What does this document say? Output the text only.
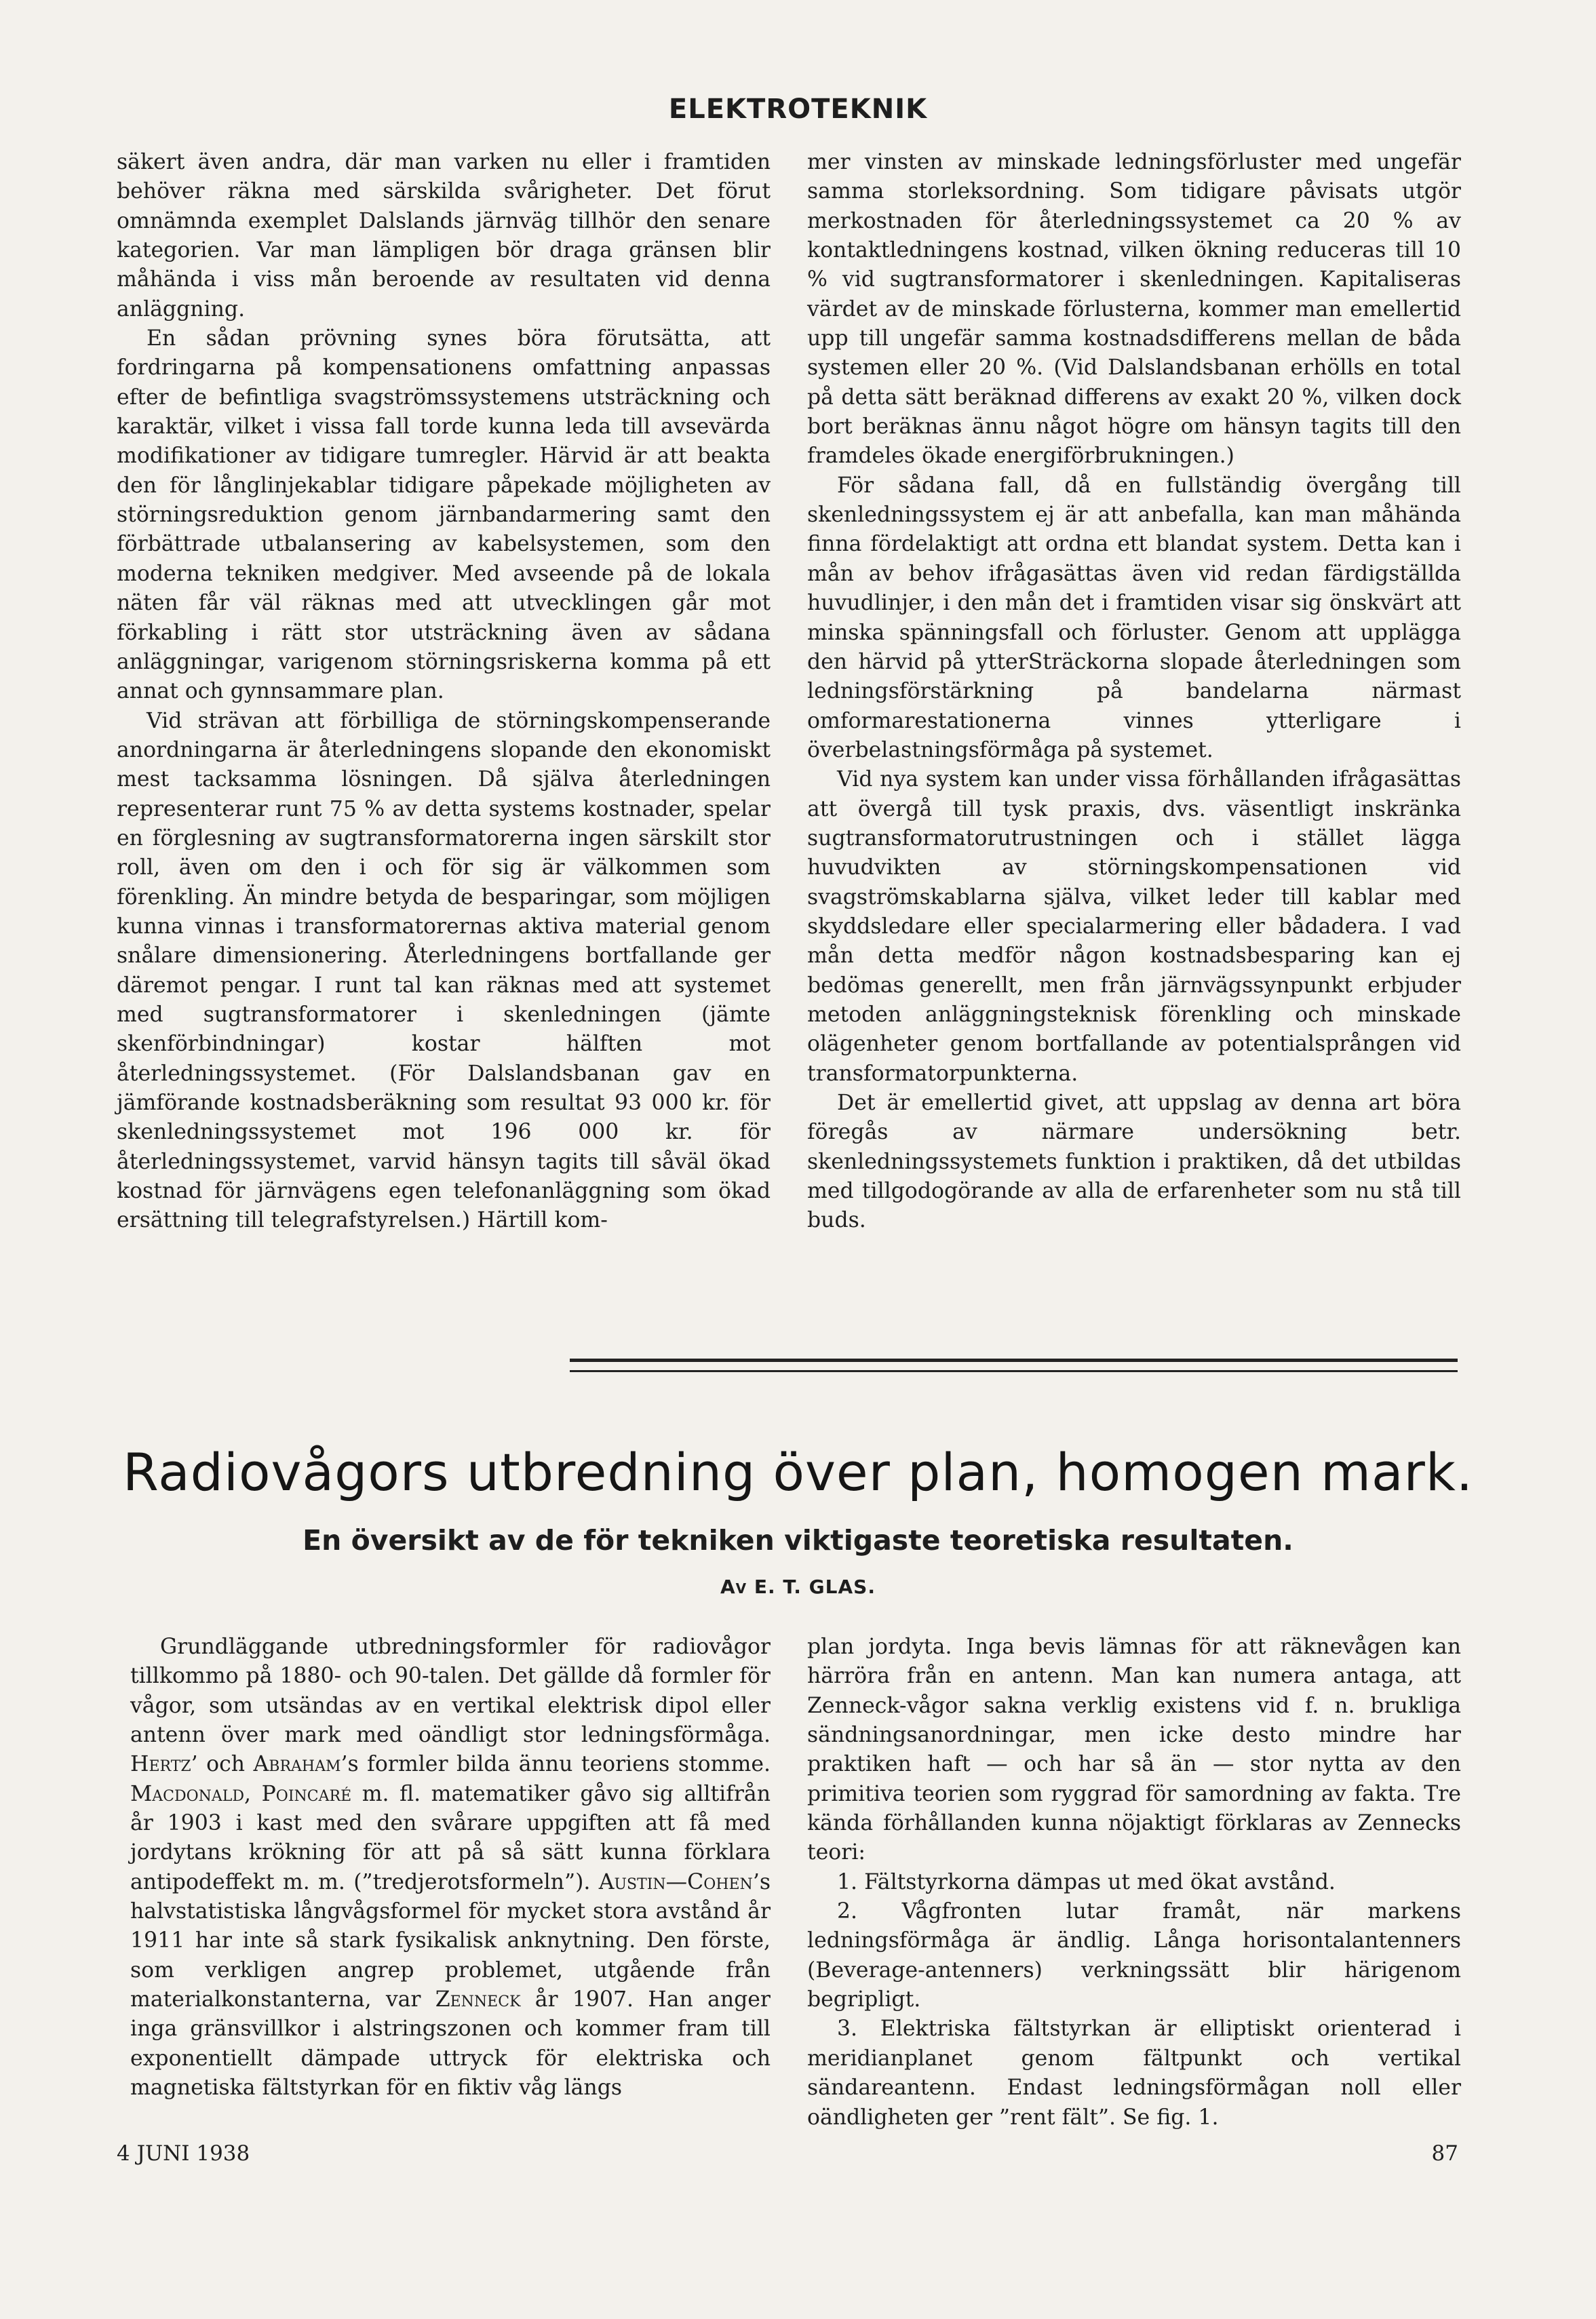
ELEKTROTEKNIK

säkert även andra, där man varken nu eller i framtiden behöver räkna med särskilda svårigheter. Det förut omnämnda exemplet Dalslands järnväg tillhör den senare kategorien. Var man lämpligen bör draga gränsen blir måhända i viss mån beroende av resultaten vid denna anläggning.

En sådan prövning synes böra förutsätta, att fordringarna på kompensationens omfattning anpassas efter de befintliga svagströmssystemens utsträckning och karaktär, vilket i vissa fall torde kunna leda till avsevärda modifikationer av tidigare tumregler. Härvid är att beakta den för långlinjekablar tidigare påpekade möjligheten av störningsreduktion genom järnbandarmering samt den förbättrade utbalansering av kabelsystemen, som den moderna tekniken medgiver. Med avseende på de lokala näten får väl räknas med att utvecklingen går mot förkabling i rätt stor utsträckning även av sådana anläggningar, varigenom störningsriskerna komma på ett annat och gynnsammare plan.

Vid strävan att förbilliga de störningskompenserande anordningarna är återledningens slopande den ekonomiskt mest tacksamma lösningen. Då själva återledningen representerar runt 75 % av detta systems kostnader, spelar en förglesning av sugtransformatorerna ingen särskilt stor roll, även om den i och för sig är välkommen som förenkling. Än mindre betyda de besparingar, som möjligen kunna vinnas i transformatorernas aktiva material genom snålare dimensionering. Återledningens bortfallande ger däremot pengar. I runt tal kan räknas med att systemet med sugtransformatorer i skenledningen (jämte skenförbindningar) kostar hälften mot återledningssystemet. (För Dalslandsbanan gav en jämförande kostnadsberäkning som resultat 93 000 kr. för skenledningssystemet mot 196 000 kr. för återledningssystemet, varvid hänsyn tagits till såväl ökad kostnad för järnvägens egen telefonanläggning som ökad ersättning till telegrafstyrelsen.) Härtill kom-

mer vinsten av minskade ledningsförluster med ungefär samma storleksordning. Som tidigare påvisats utgör merkostnaden för återledningssystemet ca 20 % av kontaktledningens kostnad, vilken ökning reduceras till 10 % vid sugtransformatorer i skenledningen. Kapitaliseras värdet av de minskade förlusterna, kommer man emellertid upp till ungefär samma kostnadsdifferens mellan de båda systemen eller 20 %. (Vid Dalslandsbanan erhölls en total på detta sätt beräknad differens av exakt 20 %, vilken dock bort beräknas ännu något högre om hänsyn tagits till den framdeles ökade energiförbrukningen.)

För sådana fall, då en fullständig övergång till skenledningssystem ej är att anbefalla, kan man måhända finna fördelaktigt att ordna ett blandat system. Detta kan i mån av behov ifrågasättas även vid redan färdigställda huvudlinjer, i den mån det i framtiden visar sig önskvärt att minska spänningsfall och förluster. Genom att upplägga den härvid på ytterSträckorna slopade återledningen som ledningsförstärkning på bandelarna närmast omformarestationerna vinnes ytterligare i överbelastningsförmåga på systemet.

Vid nya system kan under vissa förhållanden ifrågasättas att övergå till tysk praxis, dvs. väsentligt inskränka sugtransformatorutrustningen och i stället lägga huvudvikten av störningskompensationen vid svagströmskablarna själva, vilket leder till kablar med skyddsledare eller specialarmering eller bådadera. I vad mån detta medför någon kostnadsbesparing kan ej bedömas generellt, men från järnvägssynpunkt erbjuder metoden anläggningsteknisk förenkling och minskade olägenheter genom bortfallande av potentialsprången vid transformatorpunkterna.

Det är emellertid givet, att uppslag av denna art böra föregås av närmare undersökning betr. skenledningssystemets funktion i praktiken, då det utbildas med tillgodogörande av alla de erfarenheter som nu stå till buds.

Radiovågors utbredning över plan, homogen mark.
En översikt av de för tekniken viktigaste teoretiska resultaten.
Av E. T. GLAS.

Grundläggande utbredningsformler för radiovågor tillkommo på 1880- och 90-talen. Det gällde då formler för vågor, som utsändas av en vertikal elektrisk dipol eller antenn över mark med oändligt stor ledningsförmåga. Hertz’ och Abraham’s formler bilda ännu teoriens stomme. Macdonald, Poincaré m. fl. matematiker gåvo sig alltifrån år 1903 i kast med den svårare uppgiften att få med jordytans krökning för att på så sätt kunna förklara antipodeffekt m. m. (”tredjerotsformeln”). Austin—Cohen’s halvstatistiska långvågsformel för mycket stora avstånd år 1911 har inte så stark fysikalisk anknytning. Den förste, som verkligen angrep problemet, utgående från materialkonstanterna, var Zenneck år 1907. Han anger inga gränsvillkor i alstringszonen och kommer fram till exponentiellt dämpade uttryck för elektriska och magnetiska fältstyrkan för en fiktiv våg längs

plan jordyta. Inga bevis lämnas för att räknevågen kan härröra från en antenn. Man kan numera antaga, att Zenneck-vågor sakna verklig existens vid f. n. brukliga sändningsanordningar, men icke desto mindre har praktiken haft — och har så än — stor nytta av den primitiva teorien som ryggrad för samordning av fakta. Tre kända förhållanden kunna nöjaktigt förklaras av Zennecks teori:

1. Fältstyrkorna dämpas ut med ökat avstånd.

2. Vågfronten lutar framåt, när markens ledningsförmåga är ändlig. Långa horisontalantenners (Beverage-antenners) verkningssätt blir härigenom begripligt.

3. Elektriska fältstyrkan är elliptiskt orienterad i meridianplanet genom fältpunkt och vertikal sändareantenn. Endast ledningsförmågan noll eller oändligheten ger ”rent fält”. Se fig. 1.

4 JUNI 1938	87
